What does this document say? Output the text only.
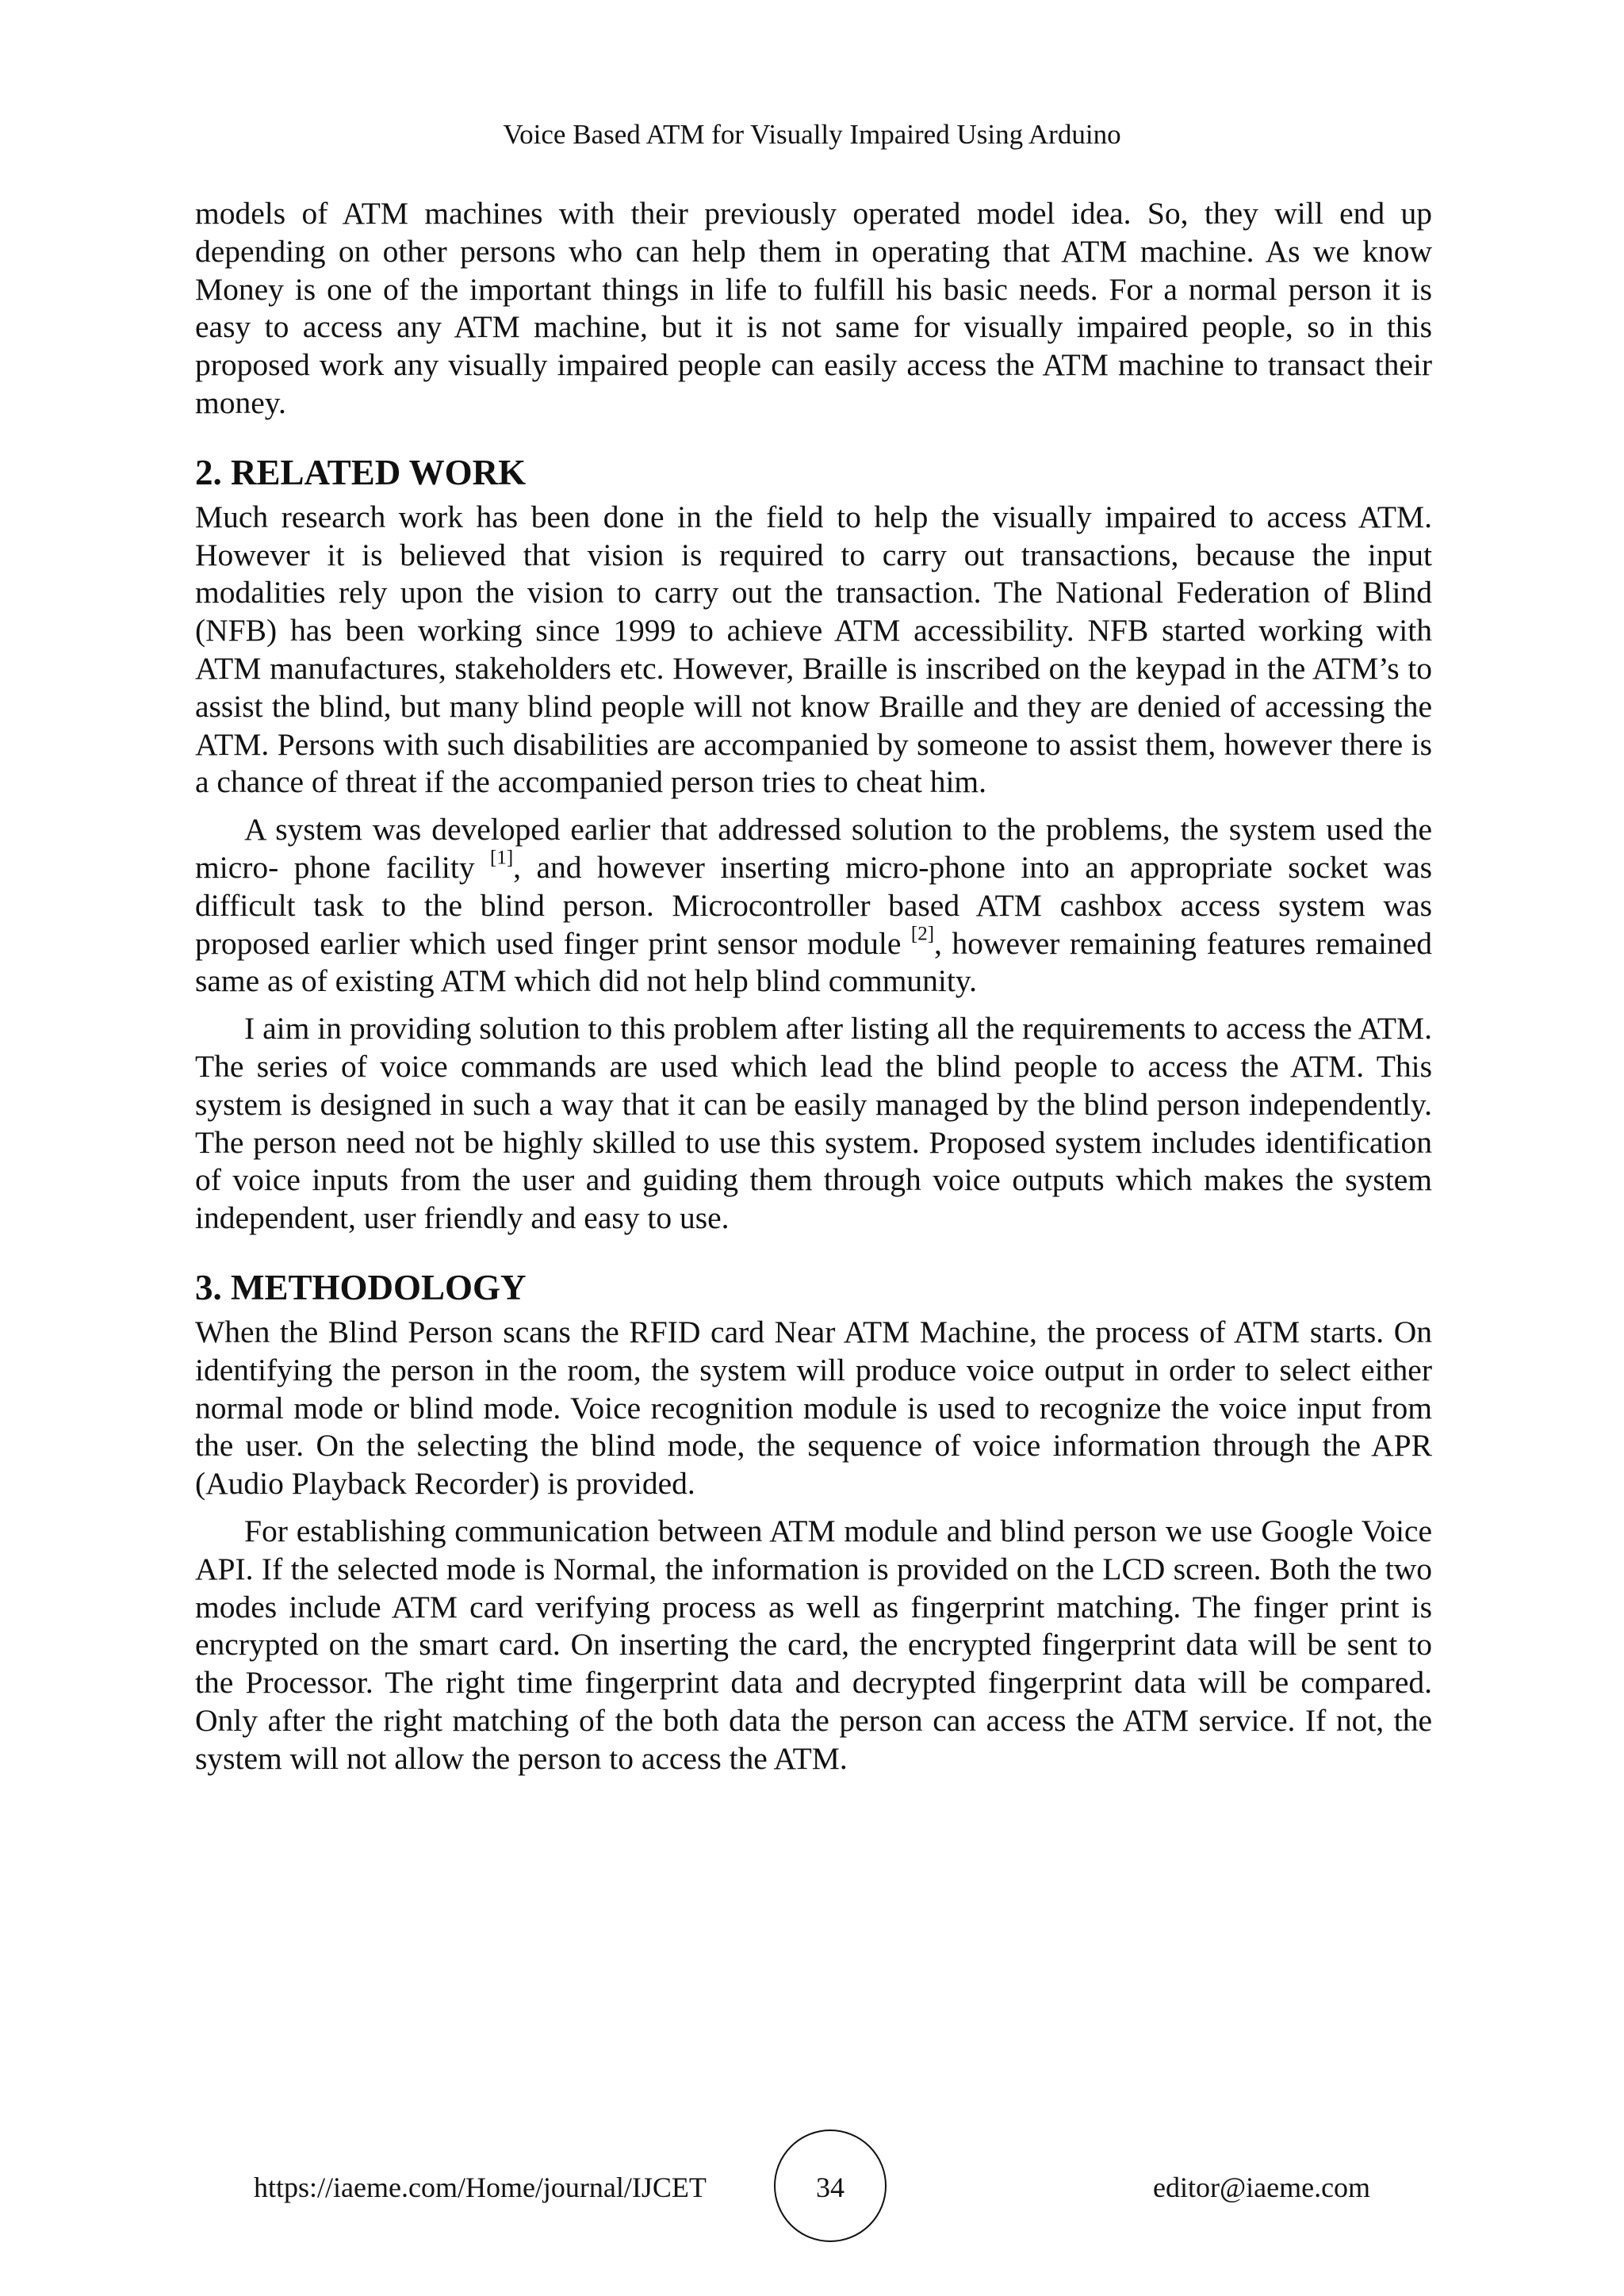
Voice Based ATM for Visually Impaired Using Arduino

models of ATM machines with their previously operated model idea. So, they will end up depending on other persons who can help them in operating that ATM machine. As we know Money is one of the important things in life to fulfill his basic needs. For a normal person it is easy to access any ATM machine, but it is not same for visually impaired people, so in this proposed work any visually impaired people can easily access the ATM machine to transact their money.

2. RELATED WORK

Much research work has been done in the field to help the visually impaired to access ATM. However it is believed that vision is required to carry out transactions, because the input modalities rely upon the vision to carry out the transaction. The National Federation of Blind (NFB) has been working since 1999 to achieve ATM accessibility. NFB started working with ATM manufactures, stakeholders etc. However, Braille is inscribed on the keypad in the ATM’s to assist the blind, but many blind people will not know Braille and they are denied of accessing the ATM. Persons with such disabilities are accompanied by someone to assist them, however there is a chance of threat if the accompanied person tries to cheat him.

A system was developed earlier that addressed solution to the problems, the system used the micro- phone facility [1], and however inserting micro-phone into an appropriate socket was difficult task to the blind person. Microcontroller based ATM cashbox access system was proposed earlier which used finger print sensor module [2], however remaining features remained same as of existing ATM which did not help blind community.

I aim in providing solution to this problem after listing all the requirements to access the ATM. The series of voice commands are used which lead the blind people to access the ATM. This system is designed in such a way that it can be easily managed by the blind person independently. The person need not be highly skilled to use this system. Proposed system includes identification of voice inputs from the user and guiding them through voice outputs which makes the system independent, user friendly and easy to use.

3. METHODOLOGY

When the Blind Person scans the RFID card Near ATM Machine, the process of ATM starts. On identifying the person in the room, the system will produce voice output in order to select either normal mode or blind mode. Voice recognition module is used to recognize the voice input from the user. On the selecting the blind mode, the sequence of voice information through the APR (Audio Playback Recorder) is provided.

For establishing communication between ATM module and blind person we use Google Voice API. If the selected mode is Normal, the information is provided on the LCD screen. Both the two modes include ATM card verifying process as well as fingerprint matching. The finger print is encrypted on the smart card. On inserting the card, the encrypted fingerprint data will be sent to the Processor. The right time fingerprint data and decrypted fingerprint data will be compared. Only after the right matching of the both data the person can access the ATM service. If not, the system will not allow the person to access the ATM.

https://iaeme.com/Home/journal/IJCET	34	editor@iaeme.com
